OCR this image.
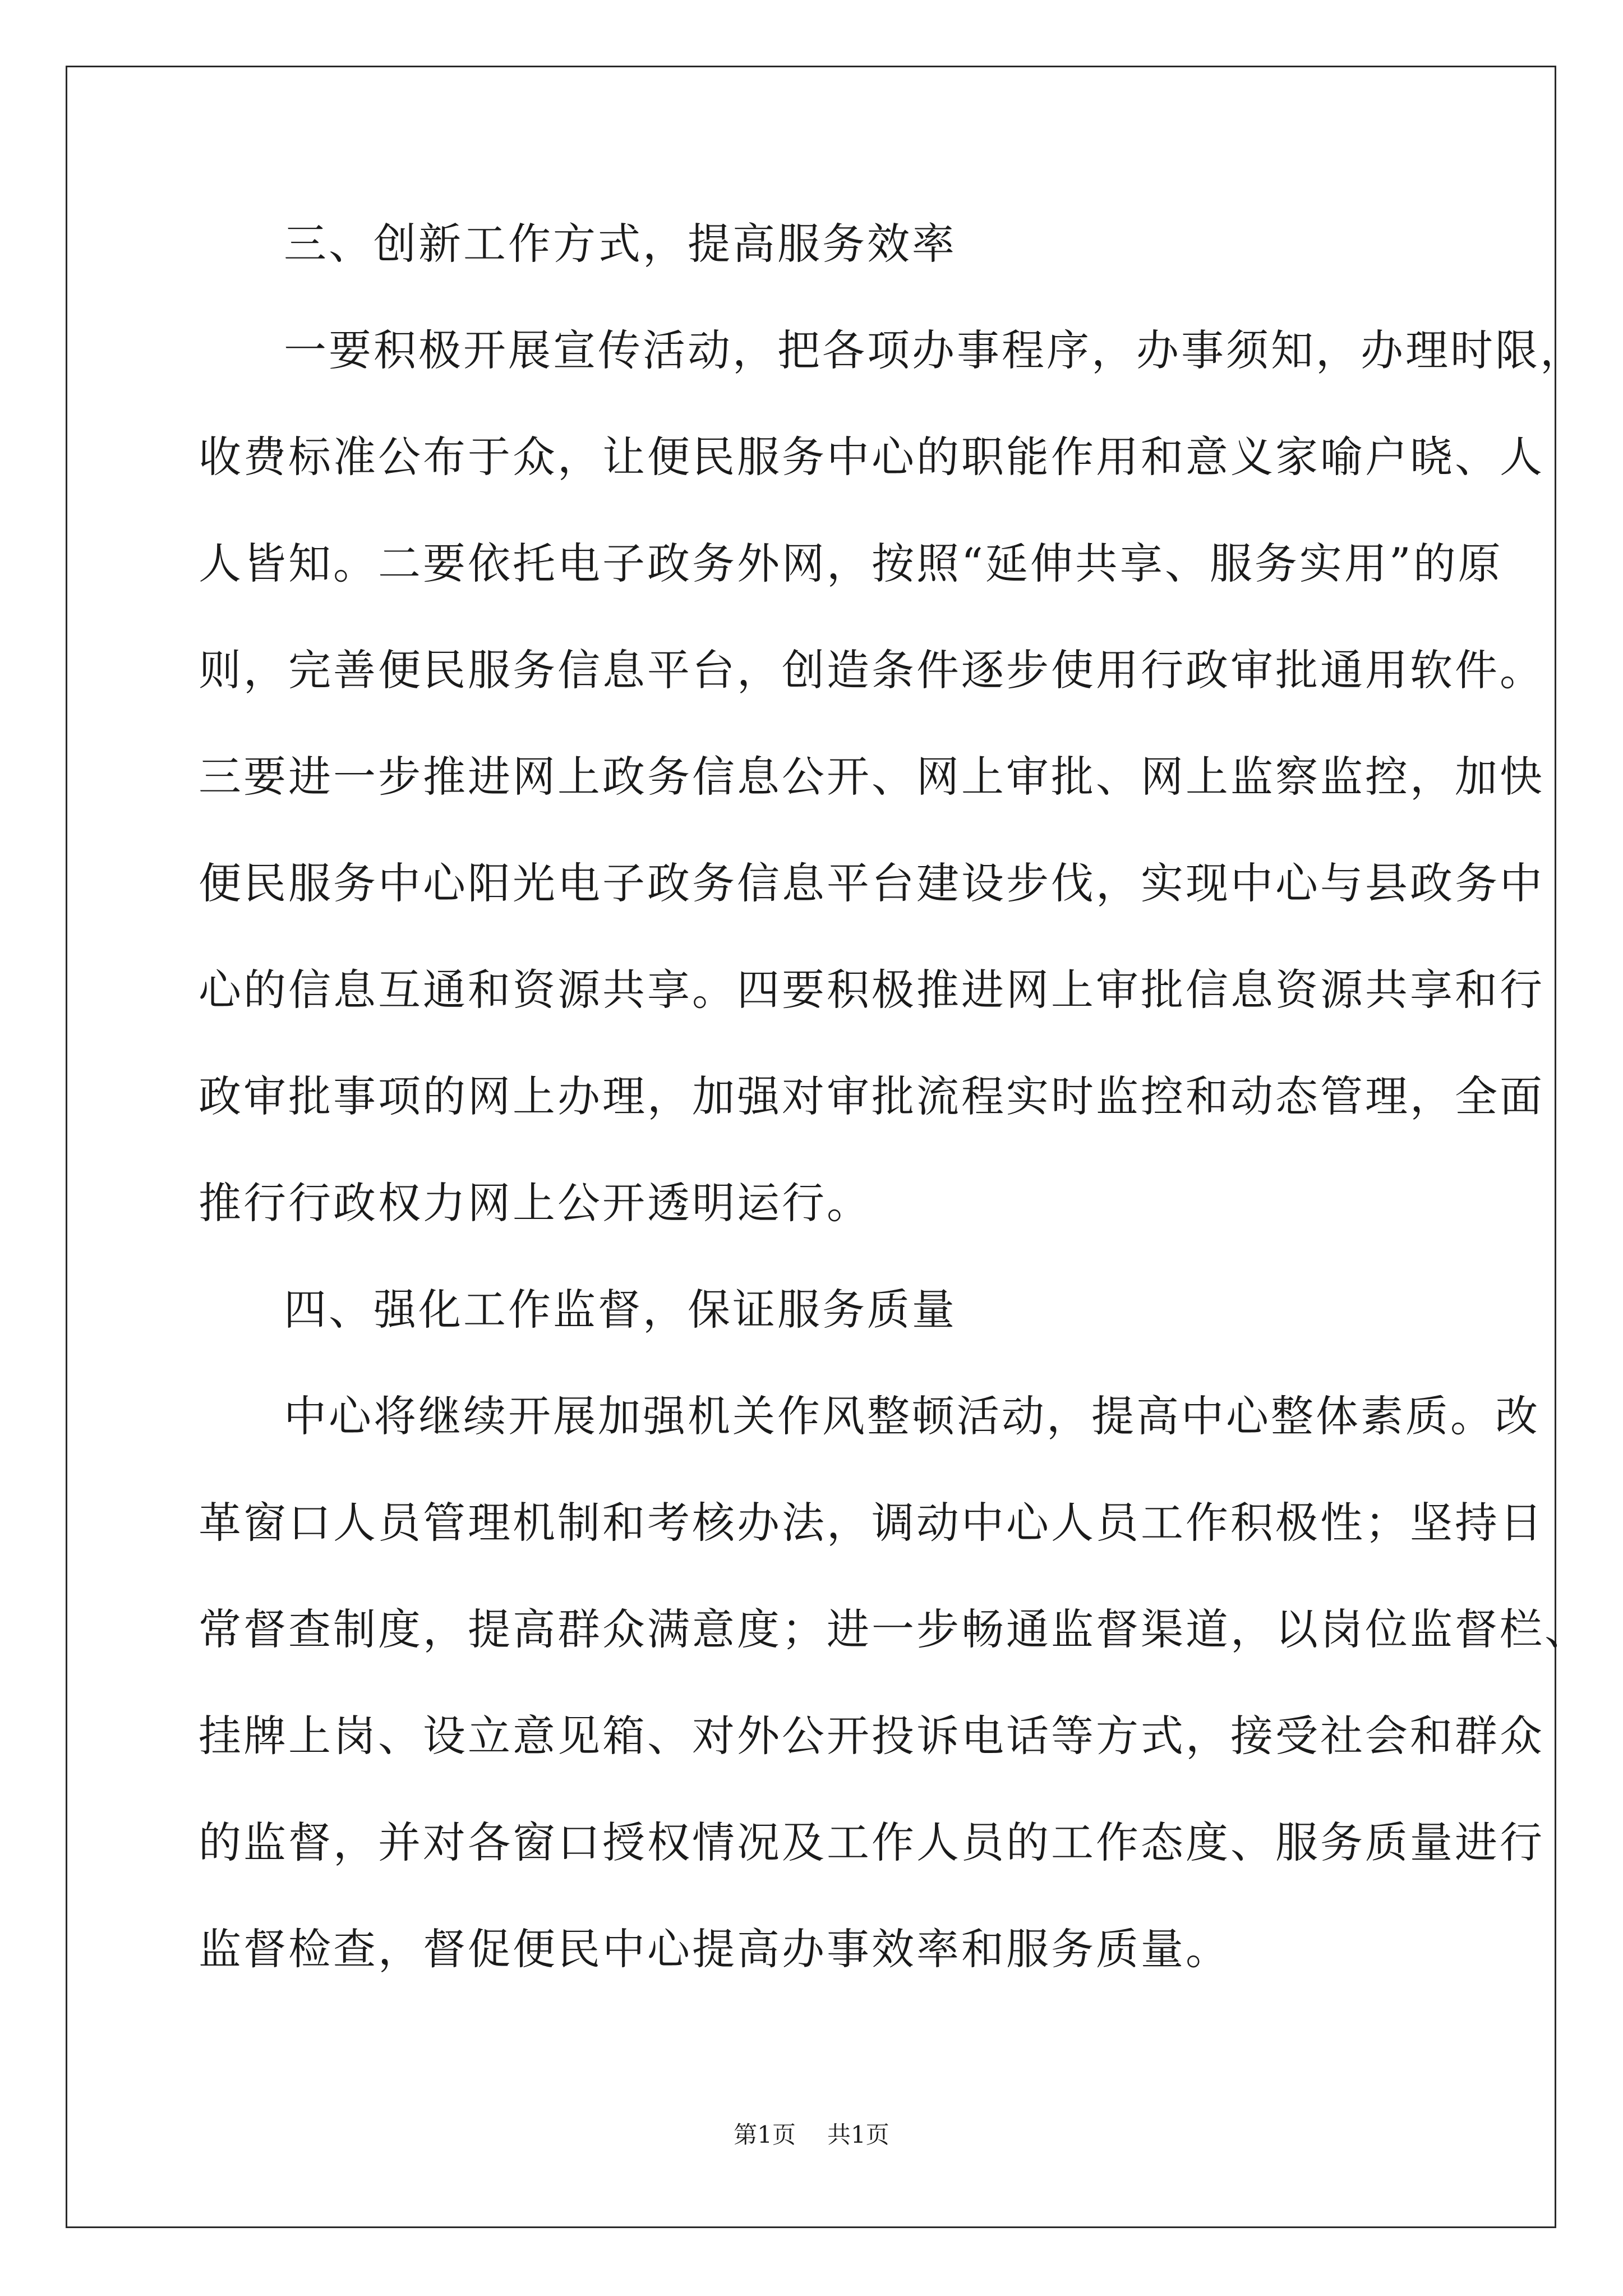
三、创新工作方式，提高服务效率

一要积极开展宣传活动，把各项办事程序，办事须知，办理时限，

收费标准公布于众，让便民服务中心的职能作用和意义家喻户晓、人

人皆知。二要依托电子政务外网，按照“延伸共享、服务实用”的原

则，完善便民服务信息平台，创造条件逐步使用行政审批通用软件。

三要进一步推进网上政务信息公开、网上审批、网上监察监控，加快

便民服务中心阳光电子政务信息平台建设步伐，实现中心与县政务中

心的信息互通和资源共享。四要积极推进网上审批信息资源共享和行

政审批事项的网上办理，加强对审批流程实时监控和动态管理，全面

推行行政权力网上公开透明运行。

四、强化工作监督，保证服务质量

中心将继续开展加强机关作风整顿活动，提高中心整体素质。改

革窗口人员管理机制和考核办法，调动中心人员工作积极性；坚持日

常督查制度，提高群众满意度；进一步畅通监督渠道，以岗位监督栏、

挂牌上岗、设立意见箱、对外公开投诉电话等方式，接受社会和群众

的监督，并对各窗口授权情况及工作人员的工作态度、服务质量进行

监督检查，督促便民中心提高办事效率和服务质量。

第1页 共1页
